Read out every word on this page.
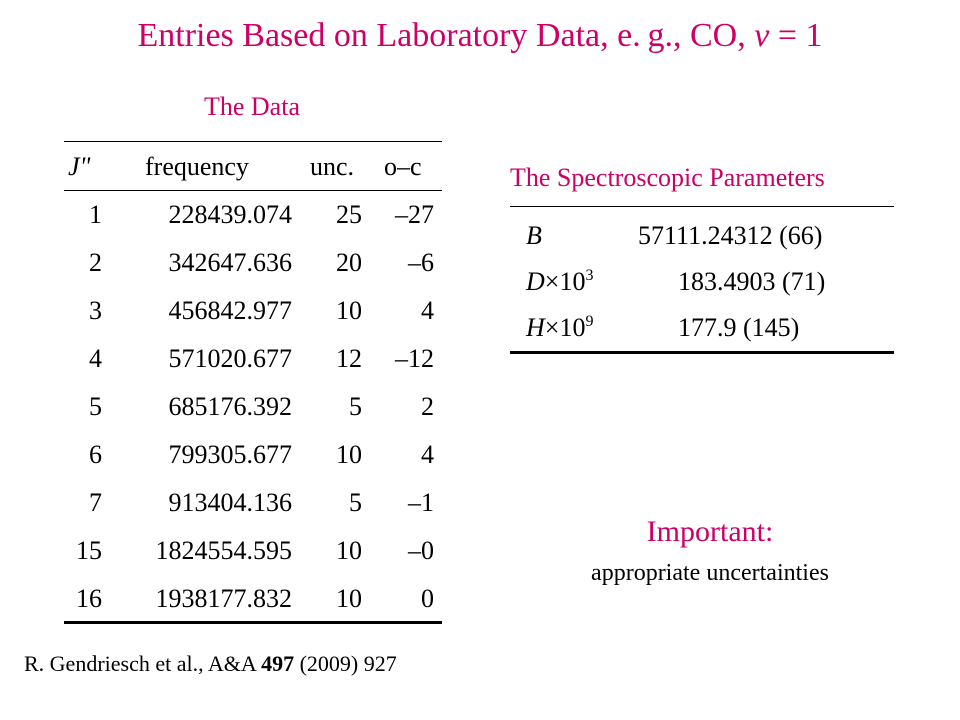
Entries Based on Laboratory Data, e. g., CO, v = 1
The Data
J" frequency unc. o–c
1	228439.074 25 –27
2	342647.636 20 –6
3	456842.977 10 4
4	571020.677 12 –12
5	685176.392 5 2
6	799305.677 10 4
7	913404.136 5 –1
15 1824554.595 10 –0
16 1938177.832 10 0
The Spectroscopic Parameters
B	57111.24312 (66)
$D\times 10^3$	183.4903 (71)
$H\times 10^9$	177.9 (145)
Important:
appropriate uncertainties
R. Gendriesch et al., A&A 497 (2009) 927
